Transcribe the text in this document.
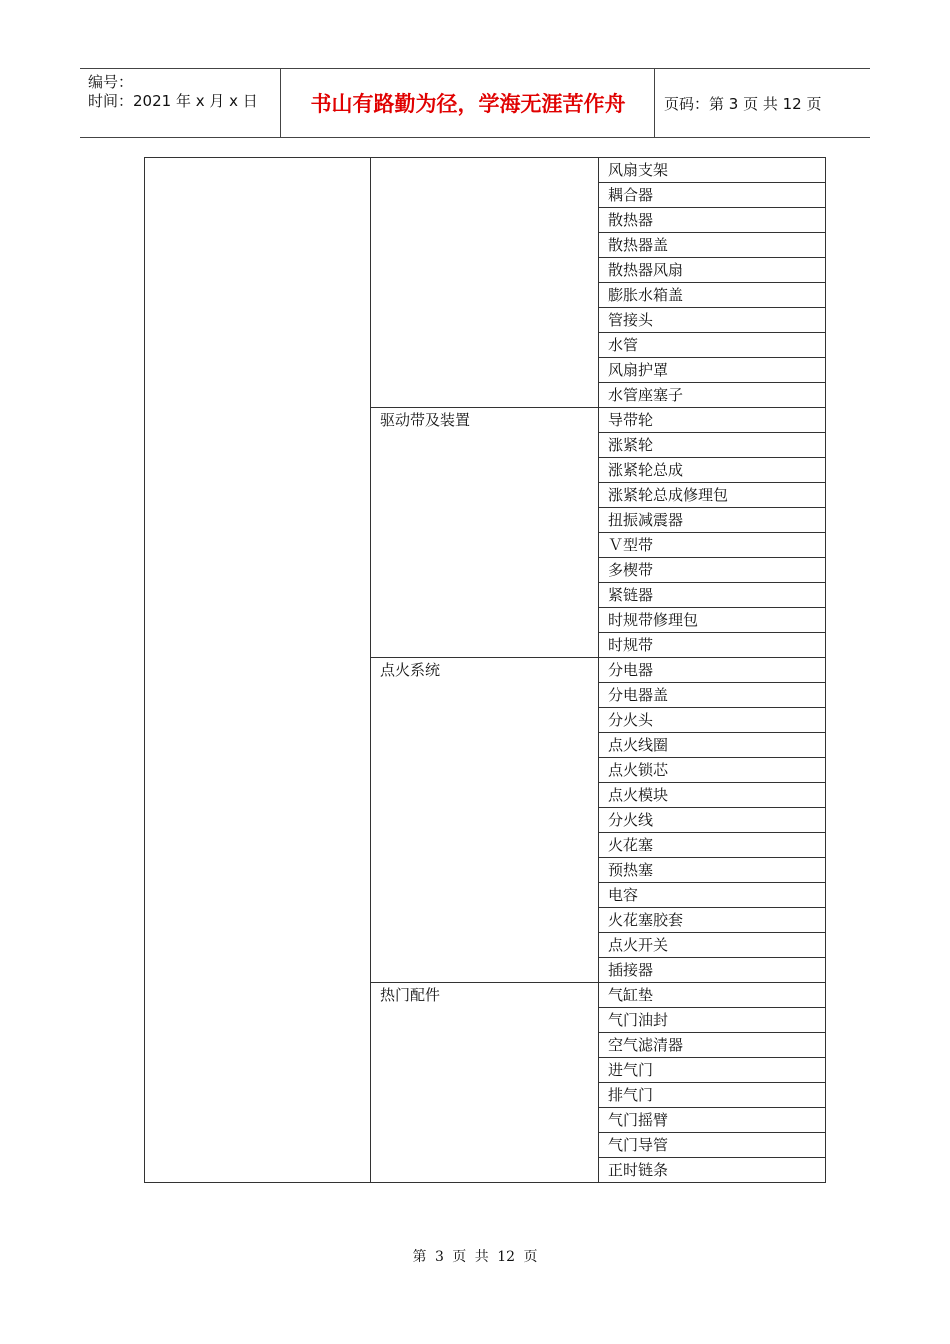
编号：
时间：2021 年 x 月 x 日	书山有路勤为径，学海无涯苦作舟	页码：第 3 页 共 12 页
		风扇支架
		耦合器
		散热器
		散热器盖
		散热器风扇
		膨胀水箱盖
		管接头
		水管
		风扇护罩
		水管座塞子
	驱动带及装置	导带轮
		涨紧轮
		涨紧轮总成
		涨紧轮总成修理包
		扭振减震器
		Ｖ型带
		多楔带
		紧链器
		时规带修理包
		时规带
	点火系统	分电器
		分电器盖
		分火头
		点火线圈
		点火锁芯
		点火模块
		分火线
		火花塞
		预热塞
		电容
		火花塞胶套
		点火开关
		插接器
	热门配件	气缸垫
		气门油封
		空气滤清器
		进气门
		排气门
		气门摇臂
		气门导管
		正时链条
第 3 页 共 12 页
